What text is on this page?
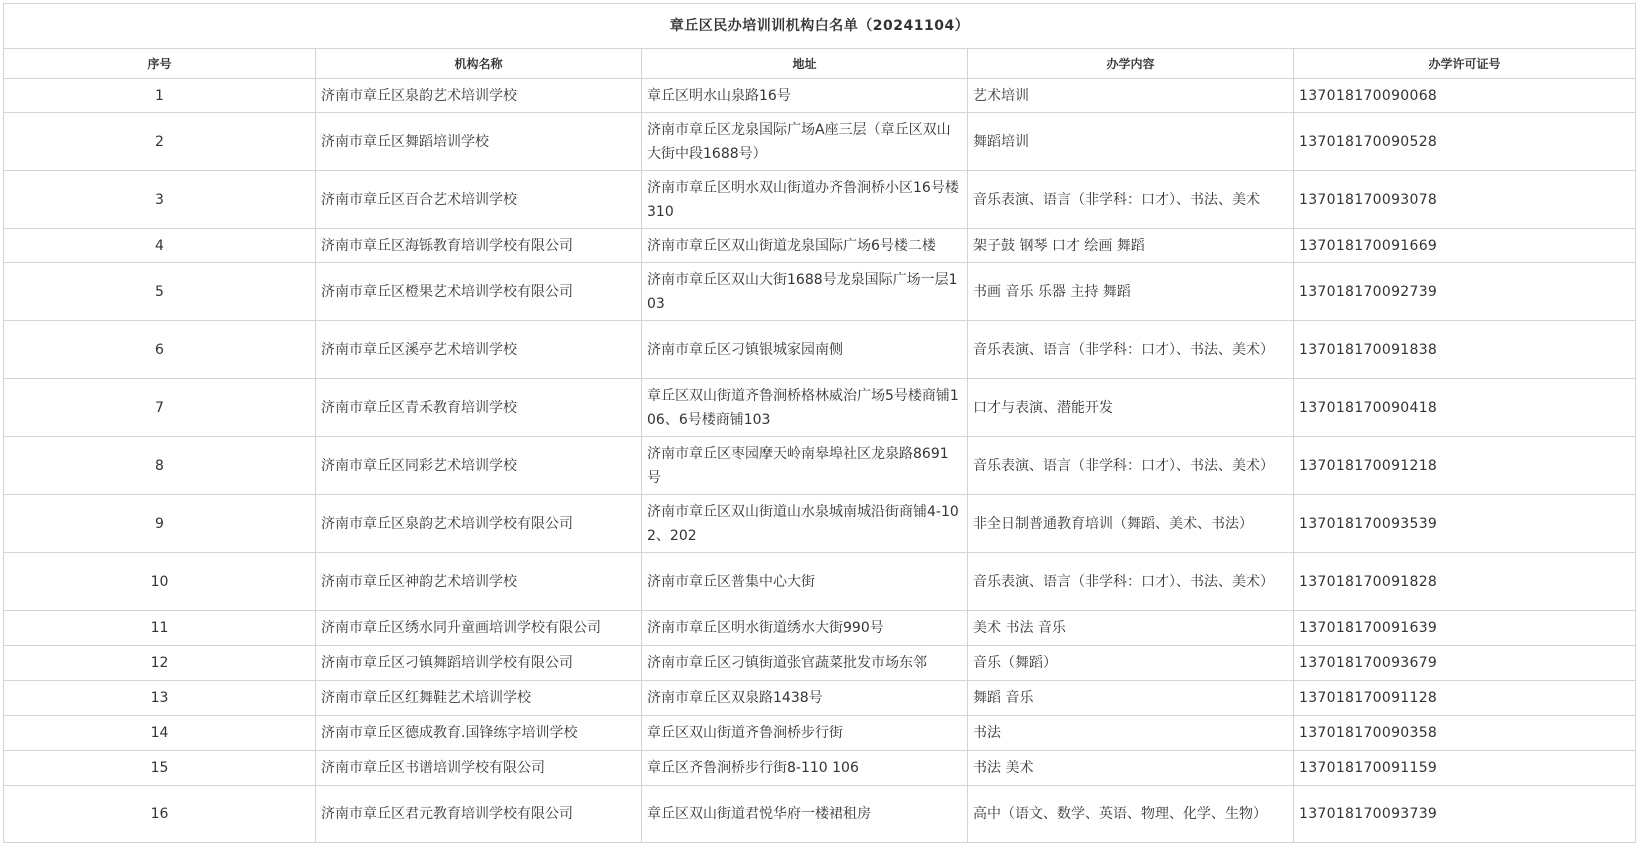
章丘区民办培训训机构白名单（20241104）				
序号	机构名称	地址	办学内容	办学许可证号
1	济南市章丘区泉韵艺术培训学校	章丘区明水山泉路16号	艺术培训	137018170090068
2	济南市章丘区舞蹈培训学校	济南市章丘区龙泉国际广场A座三层（章丘区双山大街中段1688号）	舞蹈培训	137018170090528
3	济南市章丘区百合艺术培训学校	济南市章丘区明水双山街道办齐鲁涧桥小区16号楼310	音乐表演、语言（非学科：口才）、书法、美术	137018170093078
4	济南市章丘区海铄教育培训学校有限公司	济南市章丘区双山街道龙泉国际广场6号楼二楼	架子鼓 钢琴 口才 绘画 舞蹈	137018170091669
5	济南市章丘区橙果艺术培训学校有限公司	济南市章丘区双山大街1688号龙泉国际广场一层103	书画 音乐 乐器 主持 舞蹈	137018170092739
6	济南市章丘区溪亭艺术培训学校	济南市章丘区刁镇银城家园南侧	音乐表演、语言（非学科：口才）、书法、美术）	137018170091838
7	济南市章丘区青禾教育培训学校	章丘区双山街道齐鲁涧桥格林威治广场5号楼商铺106、6号楼商铺103	口才与表演、潜能开发	137018170090418
8	济南市章丘区同彩艺术培训学校	济南市章丘区枣园摩天岭南皋埠社区龙泉路8691号	音乐表演、语言（非学科：口才）、书法、美术）	137018170091218
9	济南市章丘区泉韵艺术培训学校有限公司	济南市章丘区双山街道山水泉城南城沿街商铺4-102、202	非全日制普通教育培训（舞蹈、美术、书法）	137018170093539
10	济南市章丘区神韵艺术培训学校	济南市章丘区普集中心大街	音乐表演、语言（非学科：口才）、书法、美术）	137018170091828
11	济南市章丘区绣水同升童画培训学校有限公司	济南市章丘区明水街道绣水大街990号	美术 书法 音乐	137018170091639
12	济南市章丘区刁镇舞蹈培训学校有限公司	济南市章丘区刁镇街道张官蔬菜批发市场东邻	音乐（舞蹈）	137018170093679
13	济南市章丘区红舞鞋艺术培训学校	济南市章丘区双泉路1438号	舞蹈 音乐	137018170091128
14	济南市章丘区德成教育.国锋练字培训学校	章丘区双山街道齐鲁涧桥步行街	书法	137018170090358
15	济南市章丘区书谱培训学校有限公司	章丘区齐鲁涧桥步行街8-110 106	书法 美术	137018170091159
16	济南市章丘区君元教育培训学校有限公司	章丘区双山街道君悦华府一楼裙租房	高中（语文、数学、英语、物理、化学、生物）	137018170093739
